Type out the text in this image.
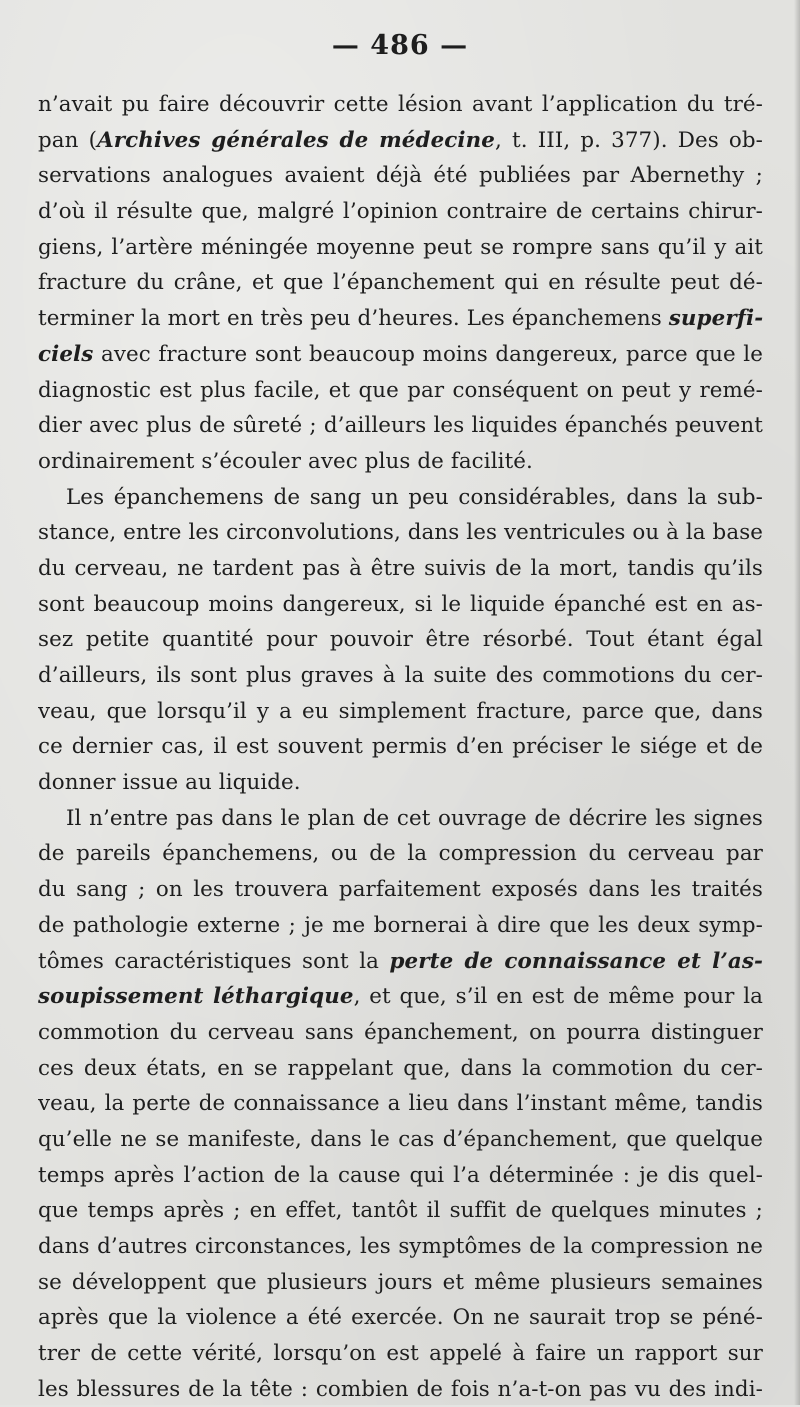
— 486 —
n’avait pu faire découvrir cette lésion avant l’application du tré-
pan (Archives générales de médecine, t. III, p. 377). Des ob-
servations analogues avaient déjà été publiées par Abernethy ;
d’où il résulte que, malgré l’opinion contraire de certains chirur-
giens, l’artère méningée moyenne peut se rompre sans qu’il y ait
fracture du crâne, et que l’épanchement qui en résulte peut dé-
terminer la mort en très peu d’heures. Les épanchemens superfi-
ciels avec fracture sont beaucoup moins dangereux, parce que le
diagnostic est plus facile, et que par conséquent on peut y remé-
dier avec plus de sûreté ; d’ailleurs les liquides épanchés peuvent
ordinairement s’écouler avec plus de facilité.
Les épanchemens de sang un peu considérables, dans la sub-
stance, entre les circonvolutions, dans les ventricules ou à la base
du cerveau, ne tardent pas à être suivis de la mort, tandis qu’ils
sont beaucoup moins dangereux, si le liquide épanché est en as-
sez petite quantité pour pouvoir être résorbé. Tout étant égal
d’ailleurs, ils sont plus graves à la suite des commotions du cer-
veau, que lorsqu’il y a eu simplement fracture, parce que, dans
ce dernier cas, il est souvent permis d’en préciser le siége et de
donner issue au liquide.
Il n’entre pas dans le plan de cet ouvrage de décrire les signes
de pareils épanchemens, ou de la compression du cerveau par
du sang ; on les trouvera parfaitement exposés dans les traités
de pathologie externe ; je me bornerai à dire que les deux symp-
tômes caractéristiques sont la perte de connaissance et l’as-
soupissement léthargique, et que, s’il en est de même pour la
commotion du cerveau sans épanchement, on pourra distinguer
ces deux états, en se rappelant que, dans la commotion du cer-
veau, la perte de connaissance a lieu dans l’instant même, tandis
qu’elle ne se manifeste, dans le cas d’épanchement, que quelque
temps après l’action de la cause qui l’a déterminée : je dis quel-
que temps après ; en effet, tantôt il suffit de quelques minutes ;
dans d’autres circonstances, les symptômes de la compression ne
se développent que plusieurs jours et même plusieurs semaines
après que la violence a été exercée. On ne saurait trop se péné-
trer de cette vérité, lorsqu’on est appelé à faire un rapport sur
les blessures de la tête : combien de fois n’a-t-on pas vu des indi-
